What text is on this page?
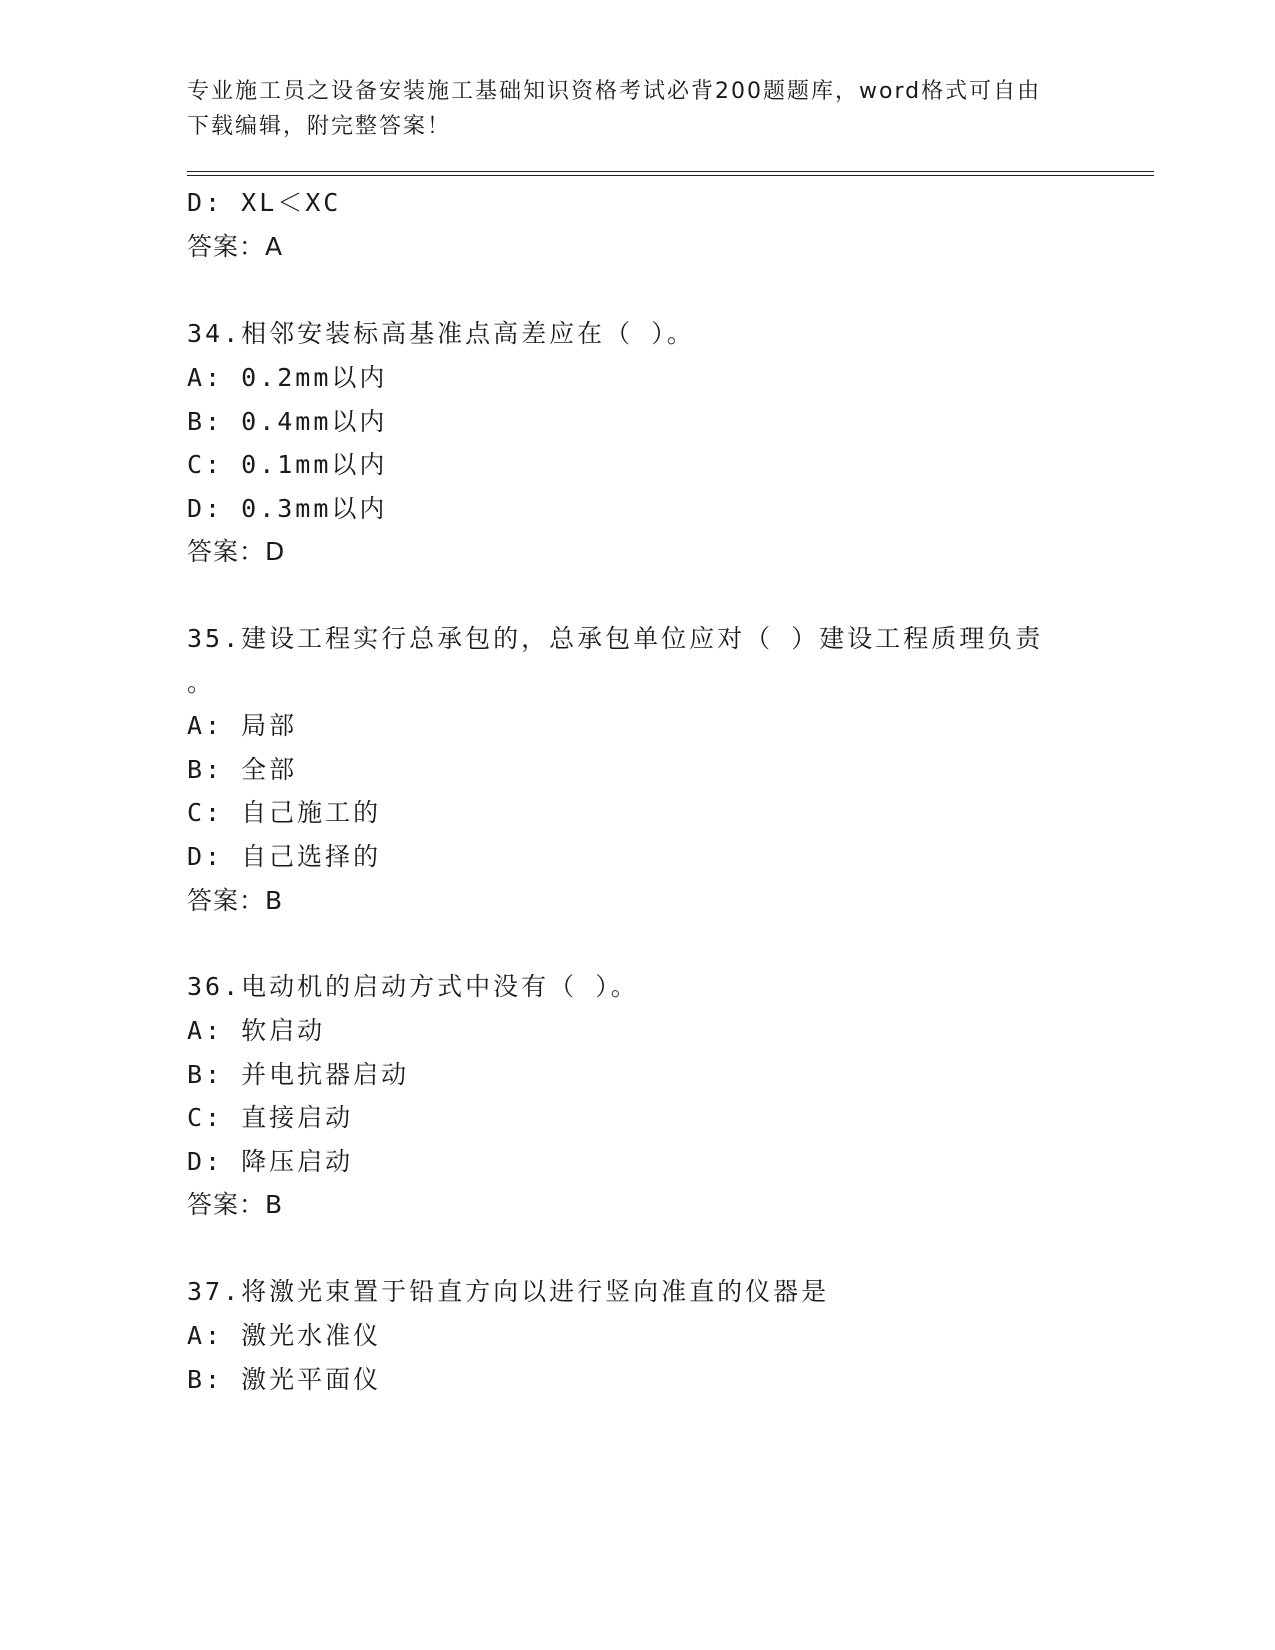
专业施工员之设备安装施工基础知识资格考试必背200题题库，word格式可自由
下载编辑，附完整答案！
D: XL＜XC
答案：A
34.相邻安装标高基准点高差应在（ ）。
A: 0.2mm以内
B: 0.4mm以内
C: 0.1mm以内
D: 0.3mm以内
答案：D
35.建设工程实行总承包的，总承包单位应对（ ）建设工程质理负责
。
A: 局部
B: 全部
C: 自己施工的
D: 自己选择的
答案：B
36.电动机的启动方式中没有（ ）。
A: 软启动
B: 并电抗器启动
C: 直接启动
D: 降压启动
答案：B
37.将激光束置于铅直方向以进行竖向准直的仪器是
A: 激光水准仪
B: 激光平面仪
